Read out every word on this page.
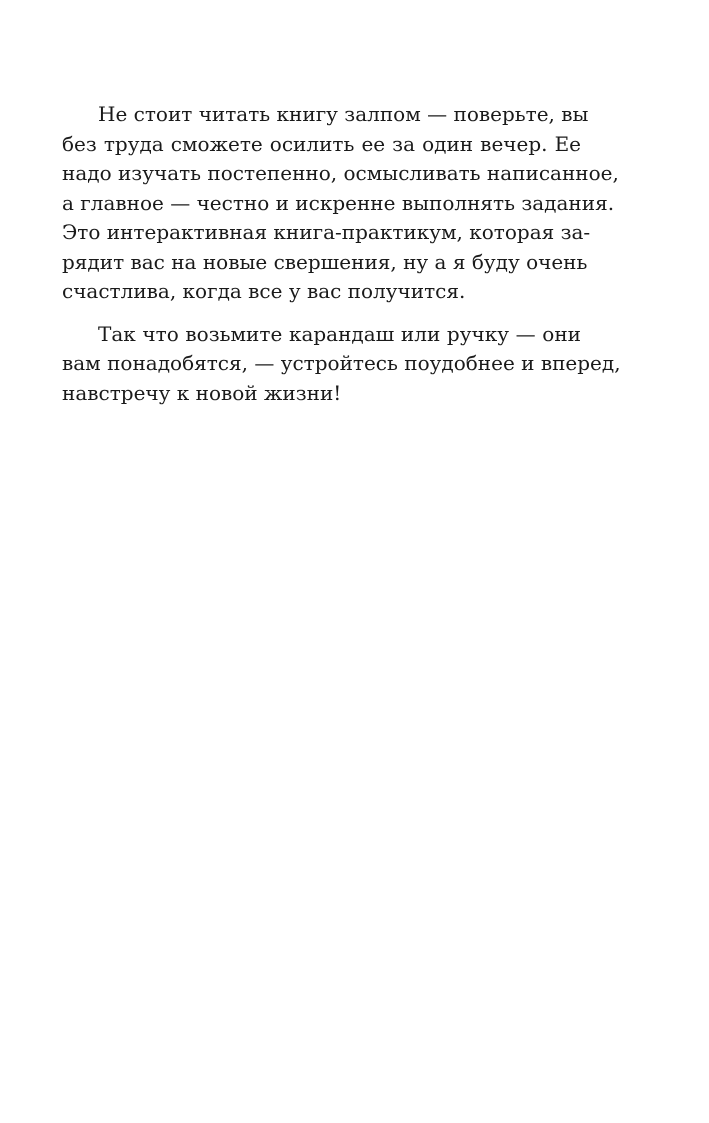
Не стоит читать книгу залпом — поверьте, вы
без труда сможете осилить ее за один вечер. Ее
надо изучать постепенно, осмысливать написанное,
а главное — честно и искренне выполнять задания.
Это интерактивная книга-практикум, которая за-
рядит вас на новые свершения, ну а я буду очень
счастлива, когда все у вас получится.
Так что возьмите карандаш или ручку — они
вам понадобятся, — устройтесь поудобнее и вперед,
навстречу к новой жизни!
